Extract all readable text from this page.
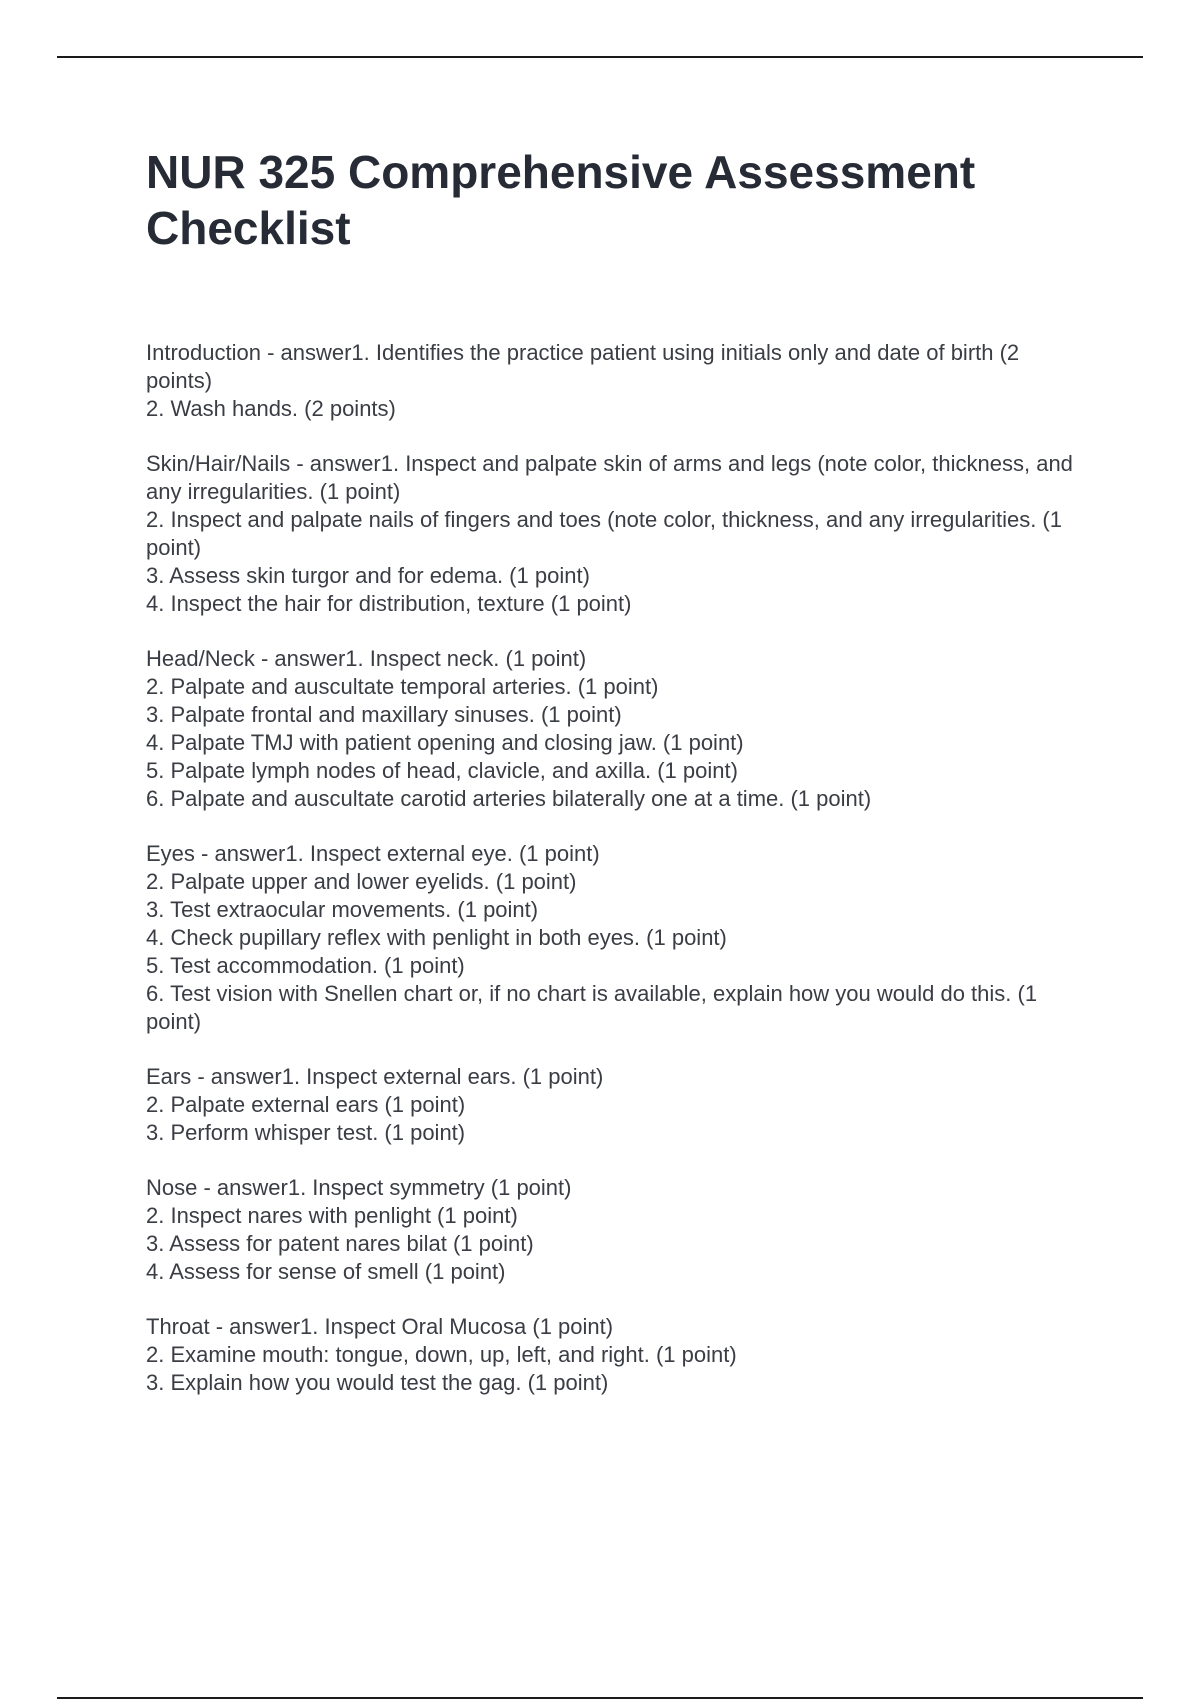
NUR 325 Comprehensive Assessment Checklist
Introduction - answer1. Identifies the practice patient using initials only and date of birth (2 points)
2. Wash hands. (2 points)
Skin/Hair/Nails - answer1. Inspect and palpate skin of arms and legs (note color, thickness, and any irregularities. (1 point)
2. Inspect and palpate nails of fingers and toes (note color, thickness, and any irregularities. (1 point)
3. Assess skin turgor and for edema. (1 point)
4. Inspect the hair for distribution, texture (1 point)
Head/Neck - answer1. Inspect neck. (1 point)
2. Palpate and auscultate temporal arteries. (1 point)
3. Palpate frontal and maxillary sinuses. (1 point)
4. Palpate TMJ with patient opening and closing jaw. (1 point)
5. Palpate lymph nodes of head, clavicle, and axilla. (1 point)
6. Palpate and auscultate carotid arteries bilaterally one at a time. (1 point)
Eyes - answer1. Inspect external eye. (1 point)
2. Palpate upper and lower eyelids. (1 point)
3. Test extraocular movements. (1 point)
4. Check pupillary reflex with penlight in both eyes. (1 point)
5. Test accommodation. (1 point)
6. Test vision with Snellen chart or, if no chart is available, explain how you would do this. (1 point)
Ears - answer1. Inspect external ears. (1 point)
2. Palpate external ears (1 point)
3. Perform whisper test. (1 point)
Nose - answer1. Inspect symmetry (1 point)
2. Inspect nares with penlight (1 point)
3. Assess for patent nares bilat (1 point)
4. Assess for sense of smell (1 point)
Throat - answer1. Inspect Oral Mucosa (1 point)
2. Examine mouth: tongue, down, up, left, and right. (1 point)
3. Explain how you would test the gag. (1 point)
